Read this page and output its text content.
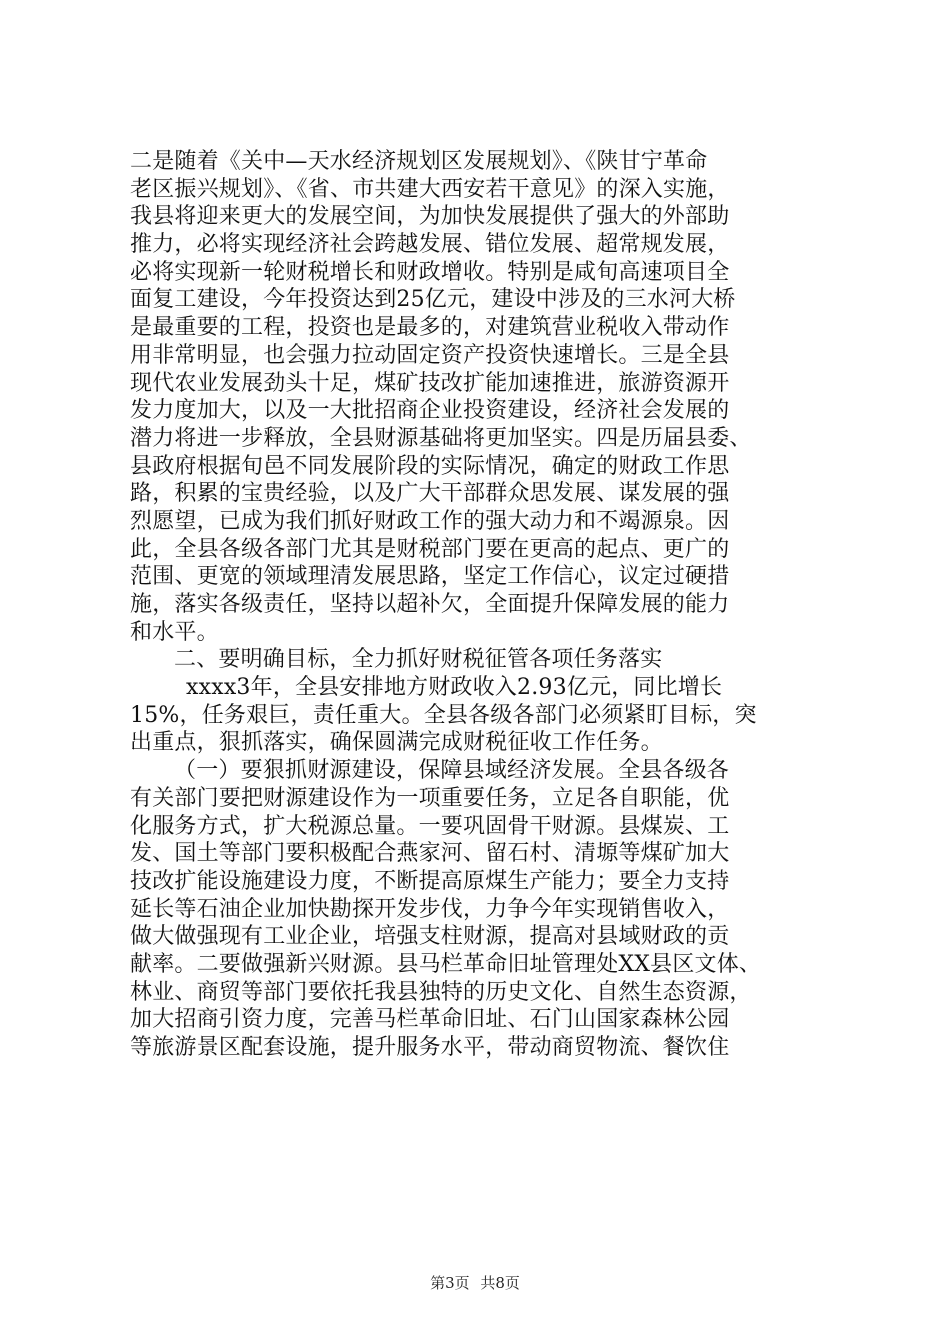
二是随着《关中—天水经济规划区发展规划》、《陕甘宁革命
老区振兴规划》、《省、市共建大西安若干意见》的深入实施，
我县将迎来更大的发展空间，为加快发展提供了强大的外部助
推力，必将实现经济社会跨越发展、错位发展、超常规发展，
必将实现新一轮财税增长和财政增收。特别是咸旬高速项目全
面复工建设，今年投资达到25亿元，建设中涉及的三水河大桥
是最重要的工程，投资也是最多的，对建筑营业税收入带动作
用非常明显，也会强力拉动固定资产投资快速增长。三是全县
现代农业发展劲头十足，煤矿技改扩能加速推进，旅游资源开
发力度加大，以及一大批招商企业投资建设，经济社会发展的
潜力将进一步释放，全县财源基础将更加坚实。四是历届县委、
县政府根据旬邑不同发展阶段的实际情况，确定的财政工作思
路，积累的宝贵经验，以及广大干部群众思发展、谋发展的强
烈愿望，已成为我们抓好财政工作的强大动力和不竭源泉。因
此，全县各级各部门尤其是财税部门要在更高的起点、更广的
范围、更宽的领域理清发展思路，坚定工作信心，议定过硬措
施，落实各级责任，坚持以超补欠，全面提升保障发展的能力
和水平。
二、要明确目标，全力抓好财税征管各项任务落实
xxxx3年，全县安排地方财政收入2.93亿元，同比增长
15%，任务艰巨，责任重大。全县各级各部门必须紧盯目标，突
出重点，狠抓落实，确保圆满完成财税征收工作任务。
（一）要狠抓财源建设，保障县域经济发展。全县各级各
有关部门要把财源建设作为一项重要任务，立足各自职能，优
化服务方式，扩大税源总量。一要巩固骨干财源。县煤炭、工
发、国土等部门要积极配合燕家河、留石村、清塬等煤矿加大
技改扩能设施建设力度，不断提高原煤生产能力；要全力支持
延长等石油企业加快勘探开发步伐，力争今年实现销售收入，
做大做强现有工业企业，培强支柱财源，提高对县域财政的贡
献率。二要做强新兴财源。县马栏革命旧址管理处XX县区文体、
林业、商贸等部门要依托我县独特的历史文化、自然生态资源，
加大招商引资力度，完善马栏革命旧址、石门山国家森林公园
等旅游景区配套设施，提升服务水平，带动商贸物流、餐饮住
第3页 共8页
